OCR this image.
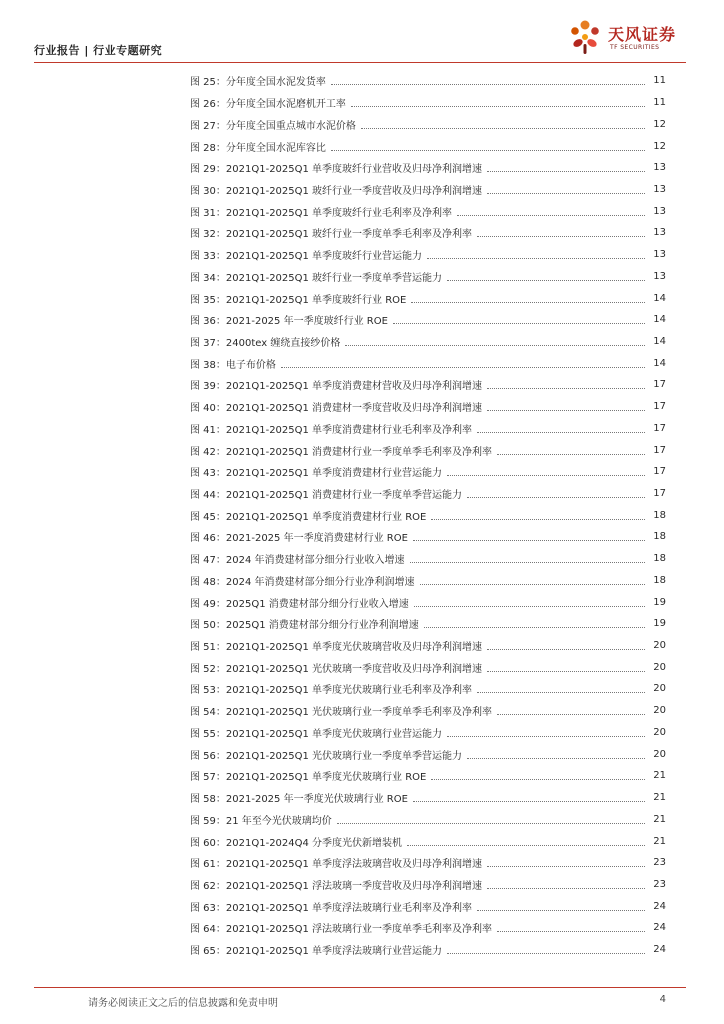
行业报告 | 行业专题研究
天风证券
TF SECURITIES
图 25：分年度全国水泥发货率	11
图 26：分年度全国水泥磨机开工率	11
图 27：分年度全国重点城市水泥价格	12
图 28：分年度全国水泥库容比	12
图 29：2021Q1-2025Q1 单季度玻纤行业营收及归母净利润增速	13
图 30：2021Q1-2025Q1 玻纤行业一季度营收及归母净利润增速	13
图 31：2021Q1-2025Q1 单季度玻纤行业毛利率及净利率	13
图 32：2021Q1-2025Q1 玻纤行业一季度单季毛利率及净利率	13
图 33：2021Q1-2025Q1 单季度玻纤行业营运能力	13
图 34：2021Q1-2025Q1 玻纤行业一季度单季营运能力	13
图 35：2021Q1-2025Q1 单季度玻纤行业 ROE	14
图 36：2021-2025 年一季度玻纤行业 ROE	14
图 37：2400tex 缠绕直接纱价格	14
图 38：电子布价格	14
图 39：2021Q1-2025Q1 单季度消费建材营收及归母净利润增速	17
图 40：2021Q1-2025Q1 消费建材一季度营收及归母净利润增速	17
图 41：2021Q1-2025Q1 单季度消费建材行业毛利率及净利率	17
图 42：2021Q1-2025Q1 消费建材行业一季度单季毛利率及净利率	17
图 43：2021Q1-2025Q1 单季度消费建材行业营运能力	17
图 44：2021Q1-2025Q1 消费建材行业一季度单季营运能力	17
图 45：2021Q1-2025Q1 单季度消费建材行业 ROE	18
图 46：2021-2025 年一季度消费建材行业 ROE	18
图 47：2024 年消费建材部分细分行业收入增速	18
图 48：2024 年消费建材部分细分行业净利润增速	18
图 49：2025Q1 消费建材部分细分行业收入增速	19
图 50：2025Q1 消费建材部分细分行业净利润增速	19
图 51：2021Q1-2025Q1 单季度光伏玻璃营收及归母净利润增速	20
图 52：2021Q1-2025Q1 光伏玻璃一季度营收及归母净利润增速	20
图 53：2021Q1-2025Q1 单季度光伏玻璃行业毛利率及净利率	20
图 54：2021Q1-2025Q1 光伏玻璃行业一季度单季毛利率及净利率	20
图 55：2021Q1-2025Q1 单季度光伏玻璃行业营运能力	20
图 56：2021Q1-2025Q1 光伏玻璃行业一季度单季营运能力	20
图 57：2021Q1-2025Q1 单季度光伏玻璃行业 ROE	21
图 58：2021-2025 年一季度光伏玻璃行业 ROE	21
图 59：21 年至今光伏玻璃均价	21
图 60：2021Q1-2024Q4 分季度光伏新增装机	21
图 61：2021Q1-2025Q1 单季度浮法玻璃营收及归母净利润增速	23
图 62：2021Q1-2025Q1 浮法玻璃一季度营收及归母净利润增速	23
图 63：2021Q1-2025Q1 单季度浮法玻璃行业毛利率及净利率	24
图 64：2021Q1-2025Q1 浮法玻璃行业一季度单季毛利率及净利率	24
图 65：2021Q1-2025Q1 单季度浮法玻璃行业营运能力	24
请务必阅读正文之后的信息披露和免责申明	4
